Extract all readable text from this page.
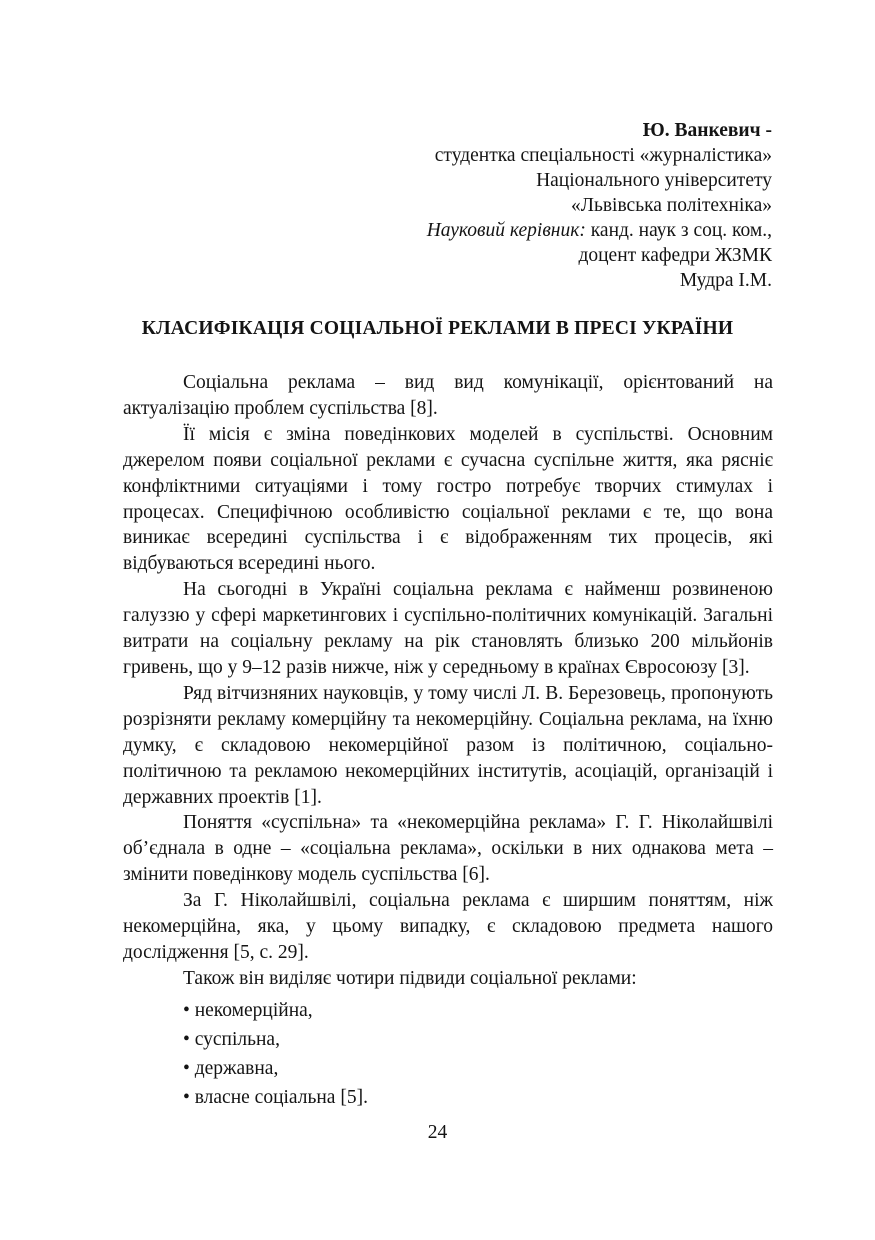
Ю. Ванкевич -
студентка спеціальності «журналістика»
Національного університету
«Львівська політехніка»
Науковий керівник: канд. наук з соц. ком.,
доцент кафедри ЖЗМК
Мудра І.М.
КЛАСИФІКАЦІЯ СОЦІАЛЬНОЇ РЕКЛАМИ В ПРЕСІ УКРАЇНИ

Соціальна реклама – вид вид комунікації, орієнтований на актуалізацію проблем суспільства [8].

Її місія є зміна поведінкових моделей в суспільстві. Основним джерелом появи соціальної реклами є сучасна суспільне життя, яка рясніє конфліктними ситуаціями і тому гостро потребує творчих стимулах і процесах. Специфічною особливістю соціальної реклами є те, що вона виникає всередині суспільства і є відображенням тих процесів, які відбуваються всередині нього.

На сьогодні в Україні соціальна реклама є найменш розвиненою галуззю у сфері маркетингових і суспільно-політичних комунікацій. Загальні витрати на соціальну рекламу на рік становлять близько 200 мільйонів гривень, що у 9–12 разів нижче, ніж у середньому в країнах Євросоюзу [3].

Ряд вітчизняних науковців, у тому числі Л. В. Березовець, пропонують розрізняти рекламу комерційну та некомерційну. Соціальна реклама, на їхню думку, є складовою некомерційної разом із політичною, соціально-політичною та рекламою некомерційних інститутів, асоціацій, організацій і державних проектів [1].

Поняття «суспільна» та «некомерційна реклама» Г. Г. Ніколайшвілі об’єднала в одне – «соціальна реклама», оскільки в них однакова мета – змінити поведінкову модель суспільства [6].

За Г. Ніколайшвілі, соціальна реклама є ширшим поняттям, ніж некомерційна, яка, у цьому випадку, є складовою предмета нашого дослідження [5, с. 29].

Також він виділяє чотири підвиди соціальної реклами:

• некомерційна,
• суспільна,
• державна,
• власне соціальна [5].
24
